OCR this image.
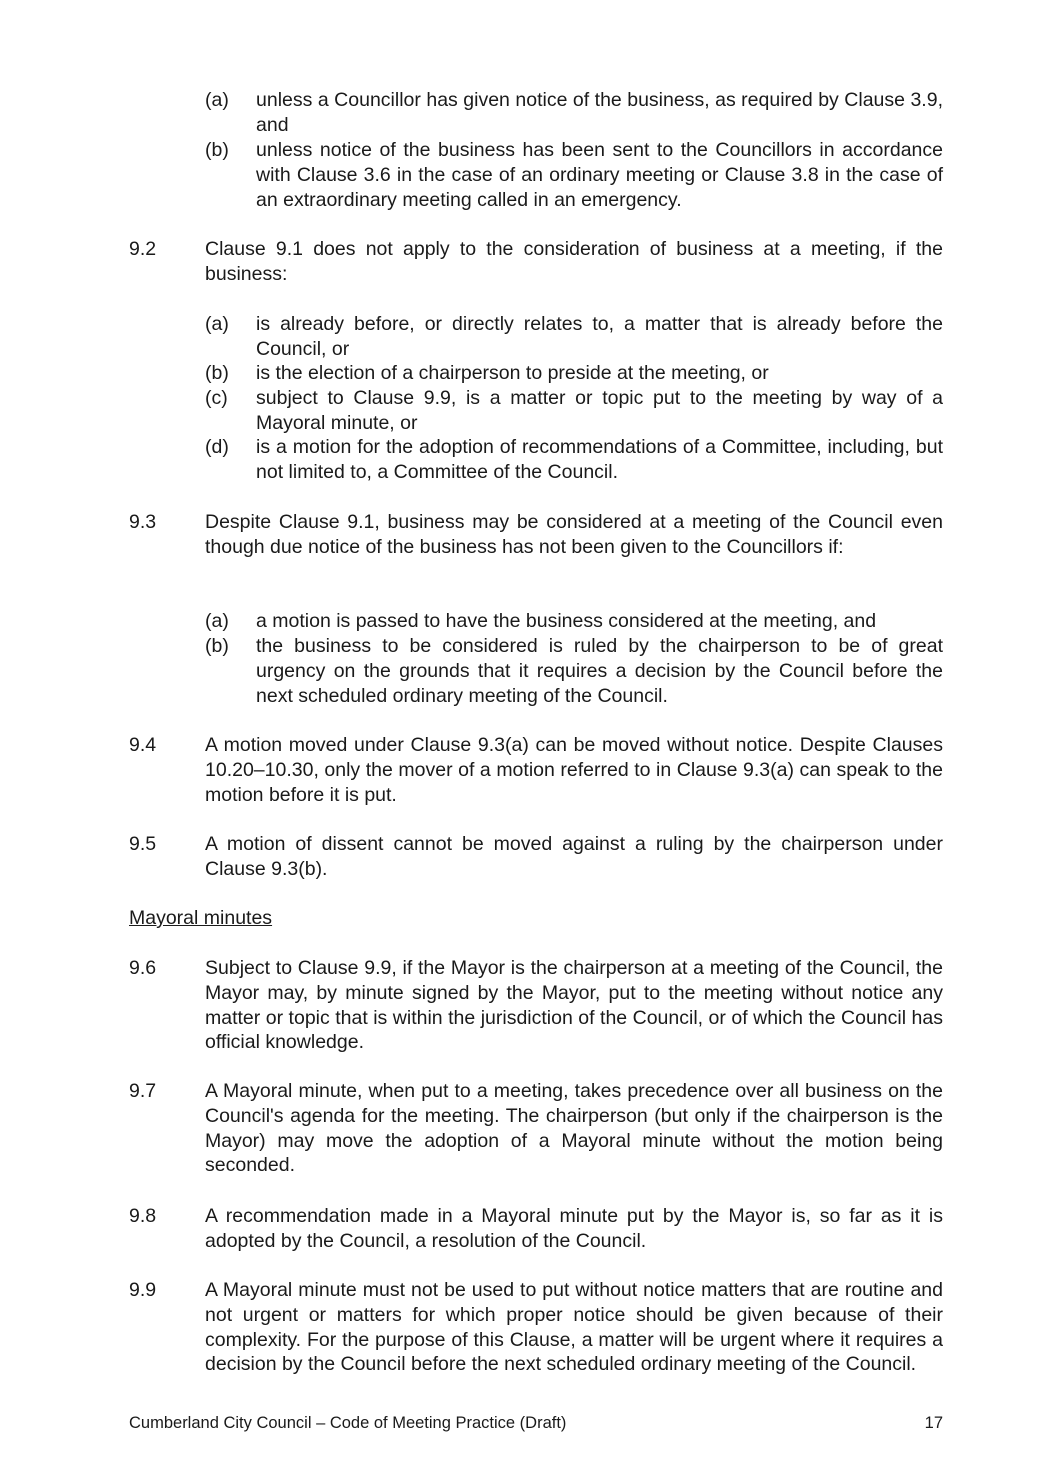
(a) unless a Councillor has given notice of the business, as required by Clause 3.9, and
(b) unless notice of the business has been sent to the Councillors in accordance with Clause 3.6 in the case of an ordinary meeting or Clause 3.8 in the case of an extraordinary meeting called in an emergency.
9.2	Clause 9.1 does not apply to the consideration of business at a meeting, if the business:
(a) is already before, or directly relates to, a matter that is already before the Council, or
(b) is the election of a chairperson to preside at the meeting, or
(c) subject to Clause 9.9, is a matter or topic put to the meeting by way of a Mayoral minute, or
(d) is a motion for the adoption of recommendations of a Committee, including, but not limited to, a Committee of the Council.
9.3	Despite Clause 9.1, business may be considered at a meeting of the Council even though due notice of the business has not been given to the Councillors if:
(a) a motion is passed to have the business considered at the meeting, and
(b) the business to be considered is ruled by the chairperson to be of great urgency on the grounds that it requires a decision by the Council before the next scheduled ordinary meeting of the Council.
9.4	A motion moved under Clause 9.3(a) can be moved without notice. Despite Clauses 10.20–10.30, only the mover of a motion referred to in Clause 9.3(a) can speak to the motion before it is put.
9.5	A motion of dissent cannot be moved against a ruling by the chairperson under Clause 9.3(b).
Mayoral minutes
9.6	Subject to Clause 9.9, if the Mayor is the chairperson at a meeting of the Council, the Mayor may, by minute signed by the Mayor, put to the meeting without notice any matter or topic that is within the jurisdiction of the Council, or of which the Council has official knowledge.
9.7	A Mayoral minute, when put to a meeting, takes precedence over all business on the Council's agenda for the meeting. The chairperson (but only if the chairperson is the Mayor) may move the adoption of a Mayoral minute without the motion being seconded.
9.8	A recommendation made in a Mayoral minute put by the Mayor is, so far as it is adopted by the Council, a resolution of the Council.
9.9	A Mayoral minute must not be used to put without notice matters that are routine and not urgent or matters for which proper notice should be given because of their complexity. For the purpose of this Clause, a matter will be urgent where it requires a decision by the Council before the next scheduled ordinary meeting of the Council.
Cumberland City Council – Code of Meeting Practice (Draft)	17
